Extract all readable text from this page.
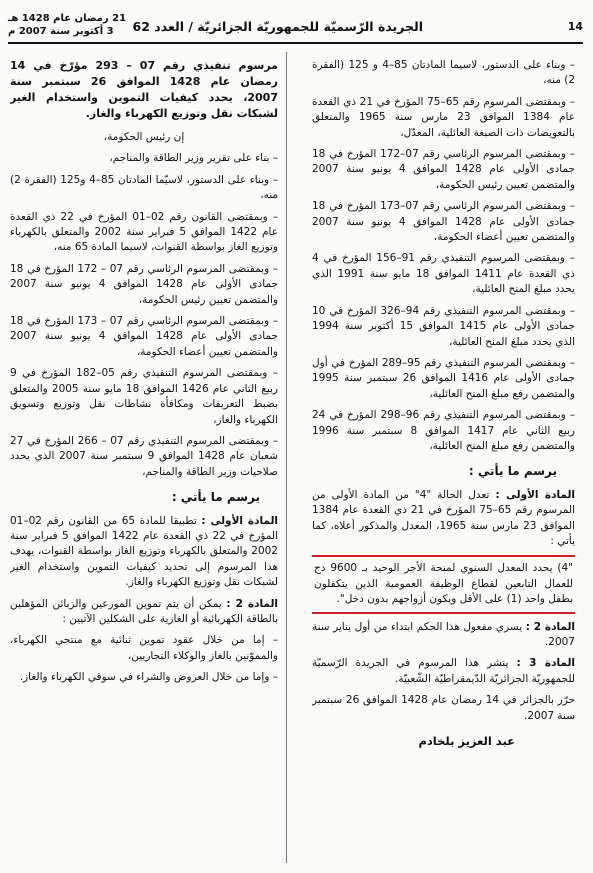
14
الجريدة الرّسميّة للجمهوريّة الجزائريّة / العدد 62
21 رمضان عام 1428 هـ
3 أكتوبر سنة 2007 م

– وبناء على الدستور، لاسيما المادتان 85–4 و 125 (الفقرة 2) منه،

– وبمقتضى المرسوم رقم 65–75 المؤرخ في 21 ذي القعدة عام 1384 الموافق 23 مارس سنة 1965 والمتعلق بالتعويضات ذات الصبغة العائلية، المعدّل،

– وبمقتضى المرسوم الرئاسي رقم 07–172 المؤرخ في 18 جمادى الأولى عام 1428 الموافق 4 يونيو سنة 2007 والمتضمن تعيين رئيس الحكومة،

– وبمقتضى المرسوم الرئاسي رقم 07–173 المؤرخ في 18 جمادى الأولى عام 1428 الموافق 4 يونيو سنة 2007 والمتضمن تعيين أعضاء الحكومة،

– وبمقتضى المرسوم التنفيذي رقم 91–156 المؤرخ في 4 ذي القعدة عام 1411 الموافق 18 مايو سنة 1991 الذي يحدد مبلغ المنح العائلية،

– وبمقتضى المرسوم التنفيذي رقم 94–326 المؤرخ في 10 جمادى الأولى عام 1415 الموافق 15 أكتوبر سنة 1994 الذي يحدد مبلغ المنح العائلية،

– وبمقتضى المرسوم التنفيذي رقم 95–289 المؤرخ في أول جمادى الأولى عام 1416 الموافق 26 سبتمبر سنة 1995 والمتضمن رفع مبلغ المنح العائلية،

– وبمقتضى المرسوم التنفيذي رقم 96–298 المؤرخ في 24 ربيع الثاني عام 1417 الموافق 8 سبتمبر سنة 1996 والمتضمن رفع مبلغ المنح العائلية،

يرسم ما يأتي :

المادة الأولى : تعدل الحالة "4" من المادة الأولى من المرسوم رقم 65–75 المؤرخ في 21 ذي القعدة عام 1384 الموافق 23 مارس سنة 1965، المعدل والمذكور أعلاه، كما يأتي :

"4) يحدد المعدل السنوي لمنحة الأجر الوحيد بـ 9600 دج للعمال التابعين لقطاع الوظيفة العمومية الذين يتكفلون بطفل واحد (1) على الأقل ويكون أزواجهم بدون دخل".

المادة 2 : يسري مفعول هذا الحكم ابتداء من أول يناير سنة 2007.

المادة 3 : ينشر هذا المرسوم في الجريدة الرّسميّة للجمهوريّة الجزائريّة الدّيمقراطيّة الشّعبيّة.

حرّر بالجزائر في 14 رمضان عام 1428 الموافق 26 سبتمبر سنة 2007.

عبد العزيز بلخادم
مرسوم تنفيذي رقم 07 – 293 مؤرّخ في 14 رمضان عام 1428 الموافق 26 سبتمبر سنة 2007، يحدد كيفيات التموين واستخدام الغير لشبكات نقل وتوزيع الكهرباء والغاز.

إن رئيس الحكومة،

– بناء على تقرير وزير الطاقة والمناجم،

– وبناء على الدستور، لاسيّما المادتان 85–4 و125 (الفقرة 2) منه،

– وبمقتضى القانون رقم 02–01 المؤرخ في 22 ذي القعدة عام 1422 الموافق 5 فبراير سنة 2002 والمتعلق بالكهرباء وتوزيع الغاز بواسطة القنوات، لاسيما المادة 65 منه،

– وبمقتضى المرسوم الرئاسي رقم 07 – 172 المؤرخ في 18 جمادى الأولى عام 1428 الموافق 4 يونيو سنة 2007 والمتضمن تعيين رئيس الحكومة،

– وبمقتضى المرسوم الرئاسي رقم 07 – 173 المؤرخ في 18 جمادى الأولى عام 1428 الموافق 4 يونيو سنة 2007 والمتضمن تعيين أعضاء الحكومة،

– وبمقتضى المرسوم التنفيذي رقم 05–182 المؤرخ في 9 ربيع الثاني عام 1426 الموافق 18 مايو سنة 2005 والمتعلق بضبط التعريفات ومكافأة نشاطات نقل وتوزيع وتسويق الكهرباء والغاز،

– وبمقتضى المرسوم التنفيذي رقم 07 – 266 المؤرخ في 27 شعبان عام 1428 الموافق 9 سبتمبر سنة 2007 الذي يحدد صلاحيات وزير الطاقة والمناجم،

يرسم ما يأتي :

المادة الأولى : تطبيقا للمادة 65 من القانون رقم 02–01 المؤرخ في 22 ذي القعدة عام 1422 الموافق 5 فبراير سنة 2002 والمتعلق بالكهرباء وتوزيع الغاز بواسطة القنوات، يهدف هذا المرسوم إلى تحديد كيفيات التموين واستخدام الغير لشبكات نقل وتوزيع الكهرباء والغاز.

المادة 2 : يمكن أن يتم تموين الموزعين والزبائن المؤهلين بالطاقة الكهربائية أو الغازية على الشكلين الآتيين :

– إما من خلال عقود تموين ثنائية مع منتجي الكهرباء، والمموّنين بالغاز والوكلاء التجاريين،

– وإما من خلال العروض والشراء في سوقي الكهرباء والغاز.
